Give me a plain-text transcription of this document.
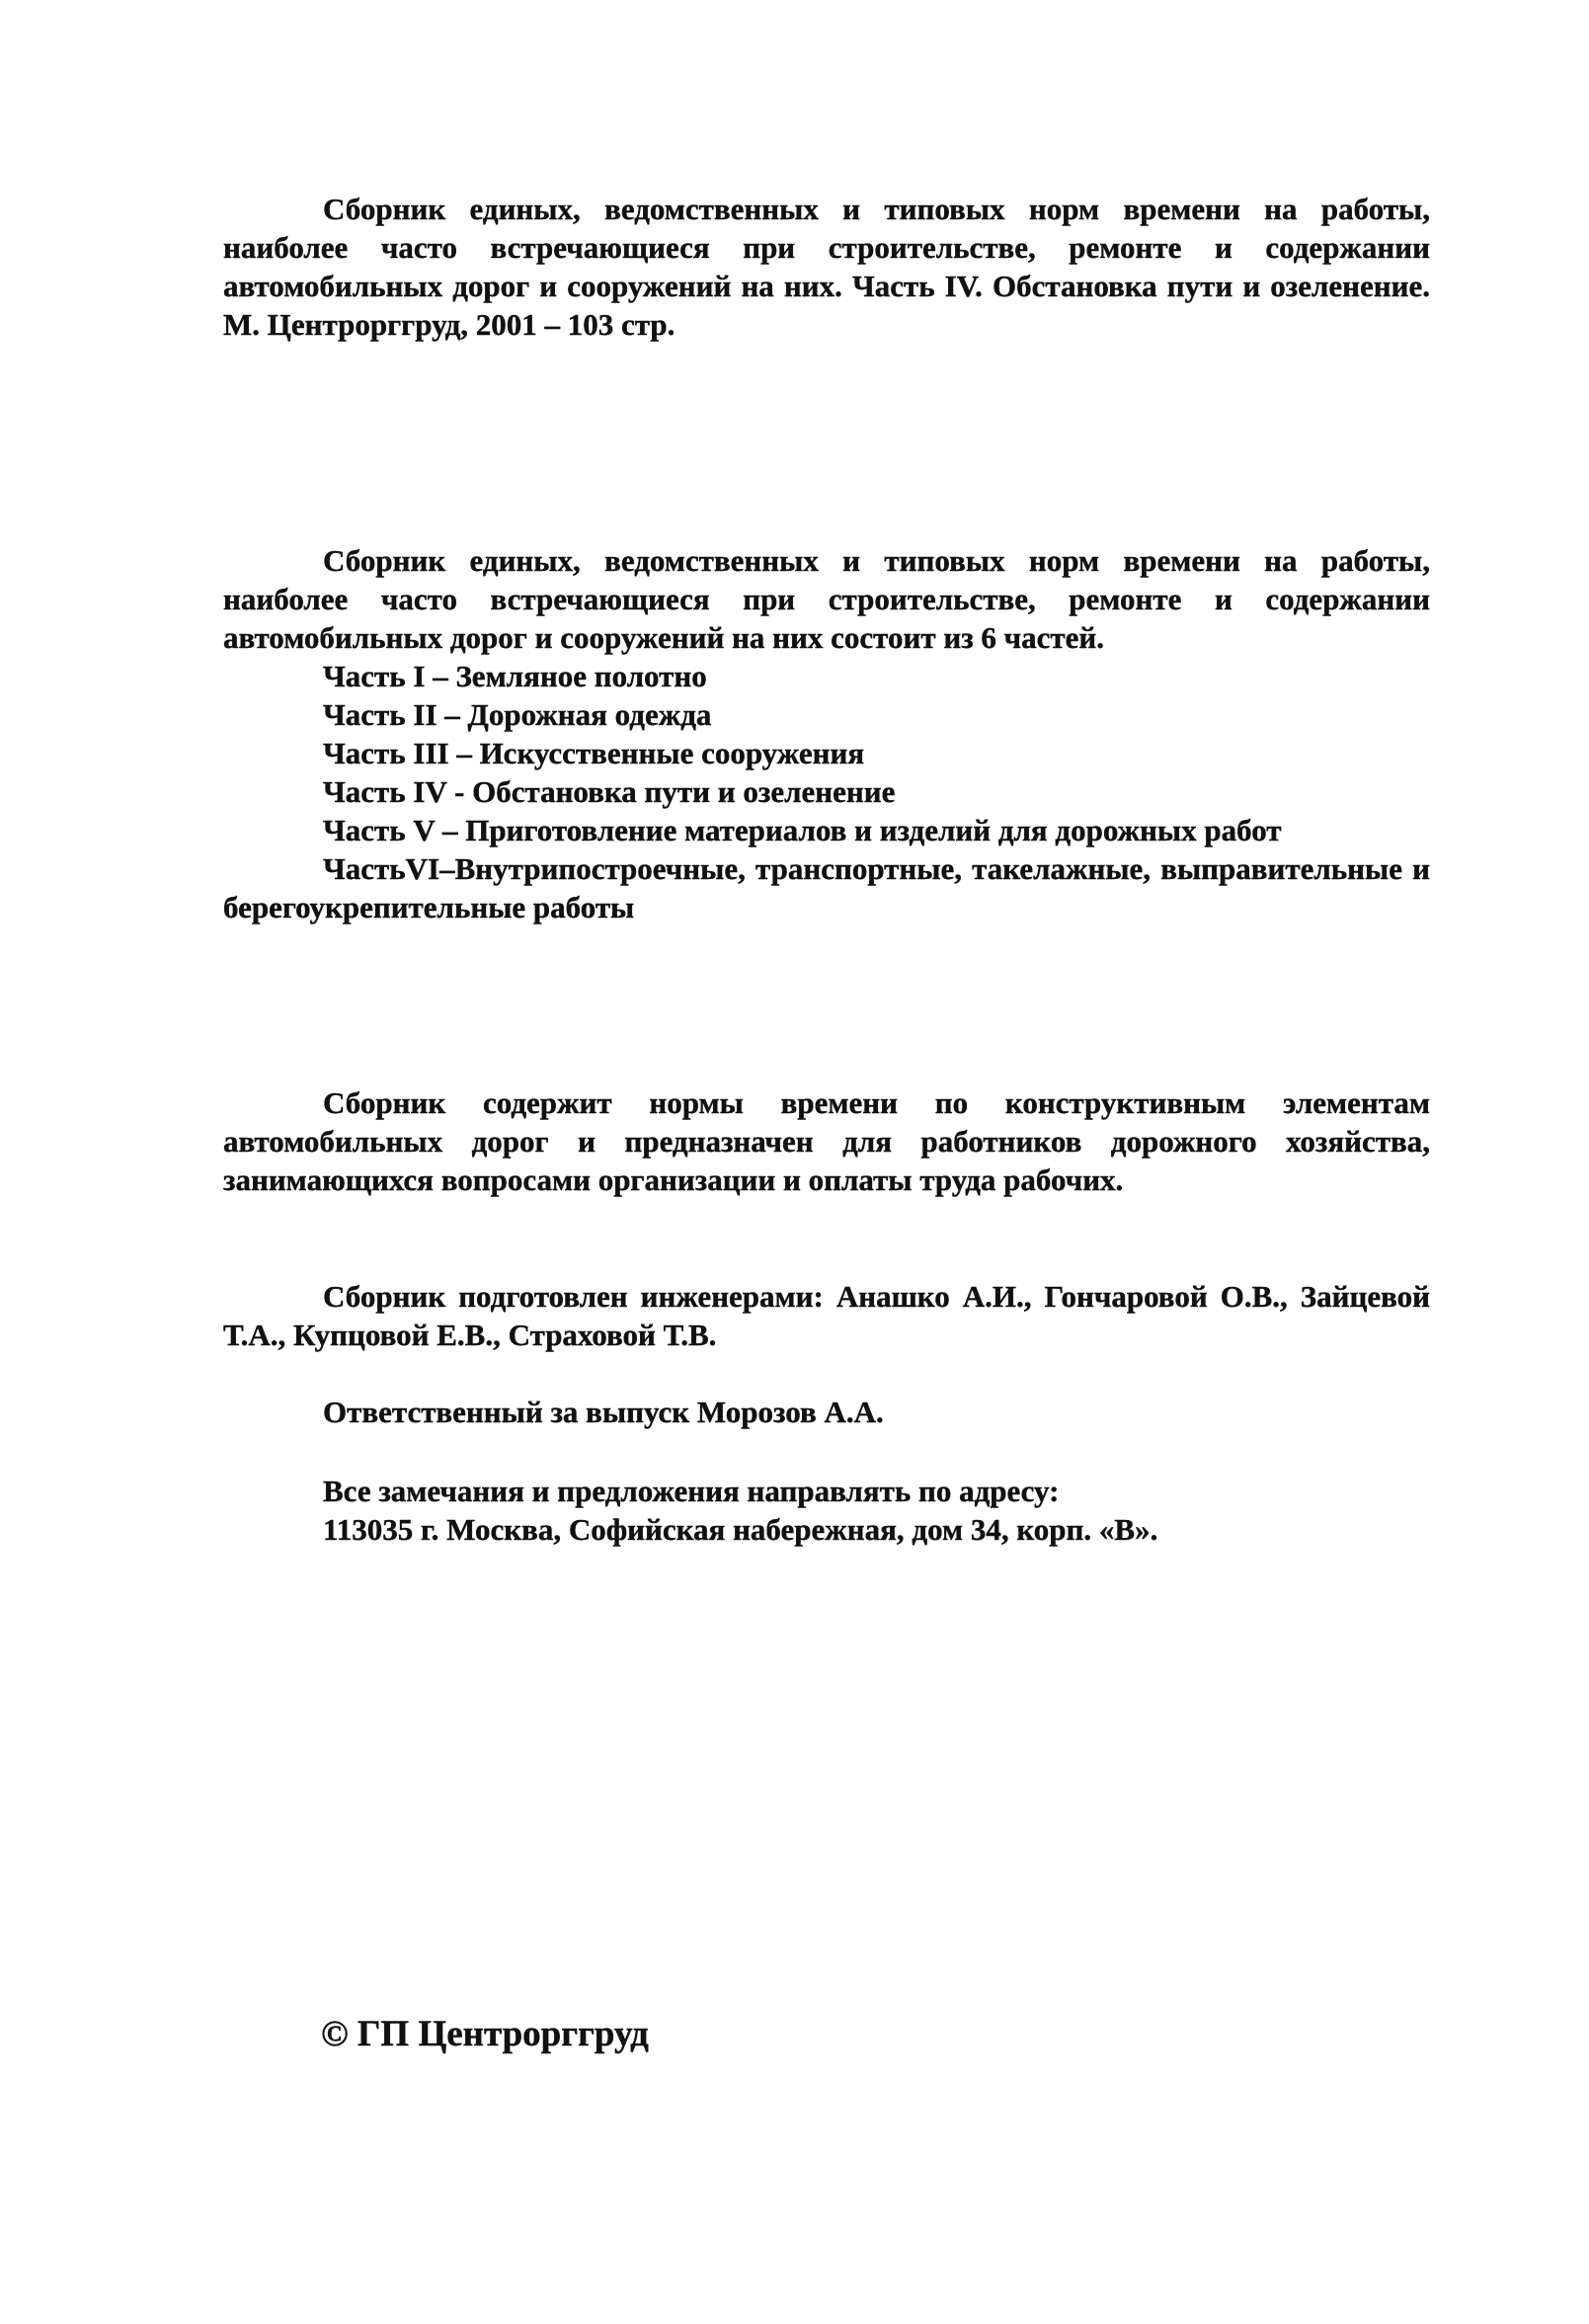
Сборник единых, ведомственных и типовых норм времени на работы, наиболее часто встречающиеся при строительстве, ремонте и содержании автомобильных дорог и сооружений на них. Часть IV. Обстановка пути и озеленение. М. Центрорггруд, 2001 – 103 стр.

Сборник единых, ведомственных и типовых норм времени на работы, наиболее часто встречающиеся при строительстве, ремонте и содержании автомобильных дорог и сооружений на них состоит из 6 частей.

Часть I – Земляное полотно
Часть II – Дорожная одежда
Часть III – Искусственные сооружения
Часть IV - Обстановка пути и озеленение
Часть V – Приготовление материалов и изделий для дорожных работ
ЧастьVI–Внутрипостроечные, транспортные, такелажные, выправительные и берегоукрепительные работы

Сборник содержит нормы времени по конструктивным элементам автомобильных дорог и предназначен для работников дорожного хозяйства, занимающихся вопросами организации и оплаты труда рабочих.

Сборник подготовлен инженерами: Анашко А.И., Гончаровой О.В., Зайцевой Т.А., Купцовой Е.В., Страховой Т.В.

Ответственный за выпуск Морозов А.А.
Все замечания и предложения направлять по адресу:
113035 г. Москва, Софийская набережная, дом 34, корп. «В».
© ГП Центрорггруд
